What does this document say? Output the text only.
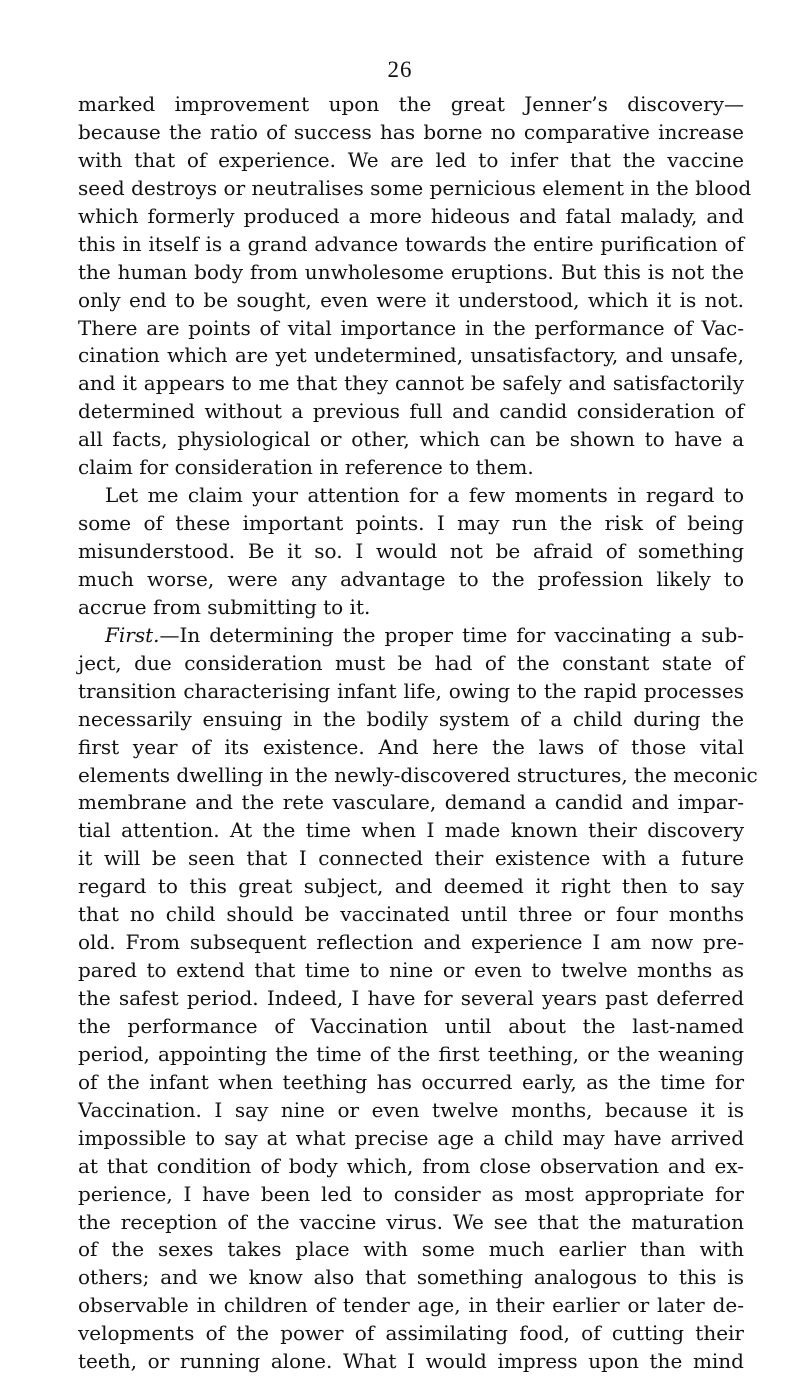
26
marked improvement upon the great Jenner’s discovery—
because the ratio of success has borne no comparative increase
with that of experience. We are led to infer that the vaccine
seed destroys or neutralises some pernicious element in the blood
which formerly produced a more hideous and fatal malady, and
this in itself is a grand advance towards the entire purification of
the human body from unwholesome eruptions. But this is not the
only end to be sought, even were it understood, which it is not.
There are points of vital importance in the performance of Vac-
cination which are yet undetermined, unsatisfactory, and unsafe,
and it appears to me that they cannot be safely and satisfactorily
determined without a previous full and candid consideration of
all facts, physiological or other, which can be shown to have a
claim for consideration in reference to them.
Let me claim your attention for a few moments in regard to
some of these important points. I may run the risk of being
misunderstood. Be it so. I would not be afraid of something
much worse, were any advantage to the profession likely to
accrue from submitting to it.
First.—In determining the proper time for vaccinating a sub-
ject, due consideration must be had of the constant state of
transition characterising infant life, owing to the rapid processes
necessarily ensuing in the bodily system of a child during the
first year of its existence. And here the laws of those vital
elements dwelling in the newly-discovered structures, the meconic
membrane and the rete vasculare, demand a candid and impar-
tial attention. At the time when I made known their discovery
it will be seen that I connected their existence with a future
regard to this great subject, and deemed it right then to say
that no child should be vaccinated until three or four months
old. From subsequent reflection and experience I am now pre-
pared to extend that time to nine or even to twelve months as
the safest period. Indeed, I have for several years past deferred
the performance of Vaccination until about the last-named
period, appointing the time of the first teething, or the weaning
of the infant when teething has occurred early, as the time for
Vaccination. I say nine or even twelve months, because it is
impossible to say at what precise age a child may have arrived
at that condition of body which, from close observation and ex-
perience, I have been led to consider as most appropriate for
the reception of the vaccine virus. We see that the maturation
of the sexes takes place with some much earlier than with
others; and we know also that something analogous to this is
observable in children of tender age, in their earlier or later de-
velopments of the power of assimilating food, of cutting their
teeth, or running alone. What I would impress upon the mind
